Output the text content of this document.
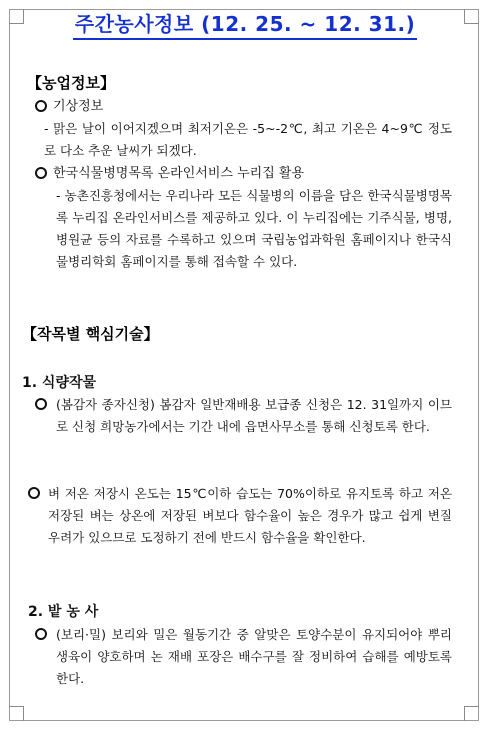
주간농사정보 (12. 25. ~ 12. 31.)
【농업정보】
기상정보
- 맑은 날이 이어지겠으며 최저기온은 -5~-2℃, 최고 기온은 4~9℃ 정도로 다소 추운 날씨가 되겠다.
한국식물병명목록 온라인서비스 누리집 활용
- 농촌진흥청에서는 우리나라 모든 식물병의 이름을 담은 한국식물병명목록 누리집 온라인서비스를 제공하고 있다. 이 누리집에는 기주식물, 병명, 병원균 등의 자료를 수록하고 있으며 국립농업과학원 홈페이지나 한국식물병리학회 홈페이지를 통해 접속할 수 있다.
【작목별 핵심기술】
1. 식량작물
(봄감자 종자신청) 봄감자 일반재배용 보급종 신청은 12. 31일까지 이므로 신청 희망농가에서는 기간 내에 읍면사무소를 통해 신청토록 한다.
벼 저온 저장시 온도는 15℃이하 습도는 70%이하로 유지토록 하고 저온 저장된 벼는 상온에 저장된 벼보다 함수율이 높은 경우가 많고 쉽게 변질 우려가 있으므로 도정하기 전에 반드시 함수율을 확인한다.
2. 밭 농 사
(보리·밀) 보리와 밀은 월동기간 중 알맞은 토양수분이 유지되어야 뿌리 생육이 양호하며 논 재배 포장은 배수구를 잘 정비하여 습해를 예방토록 한다.
